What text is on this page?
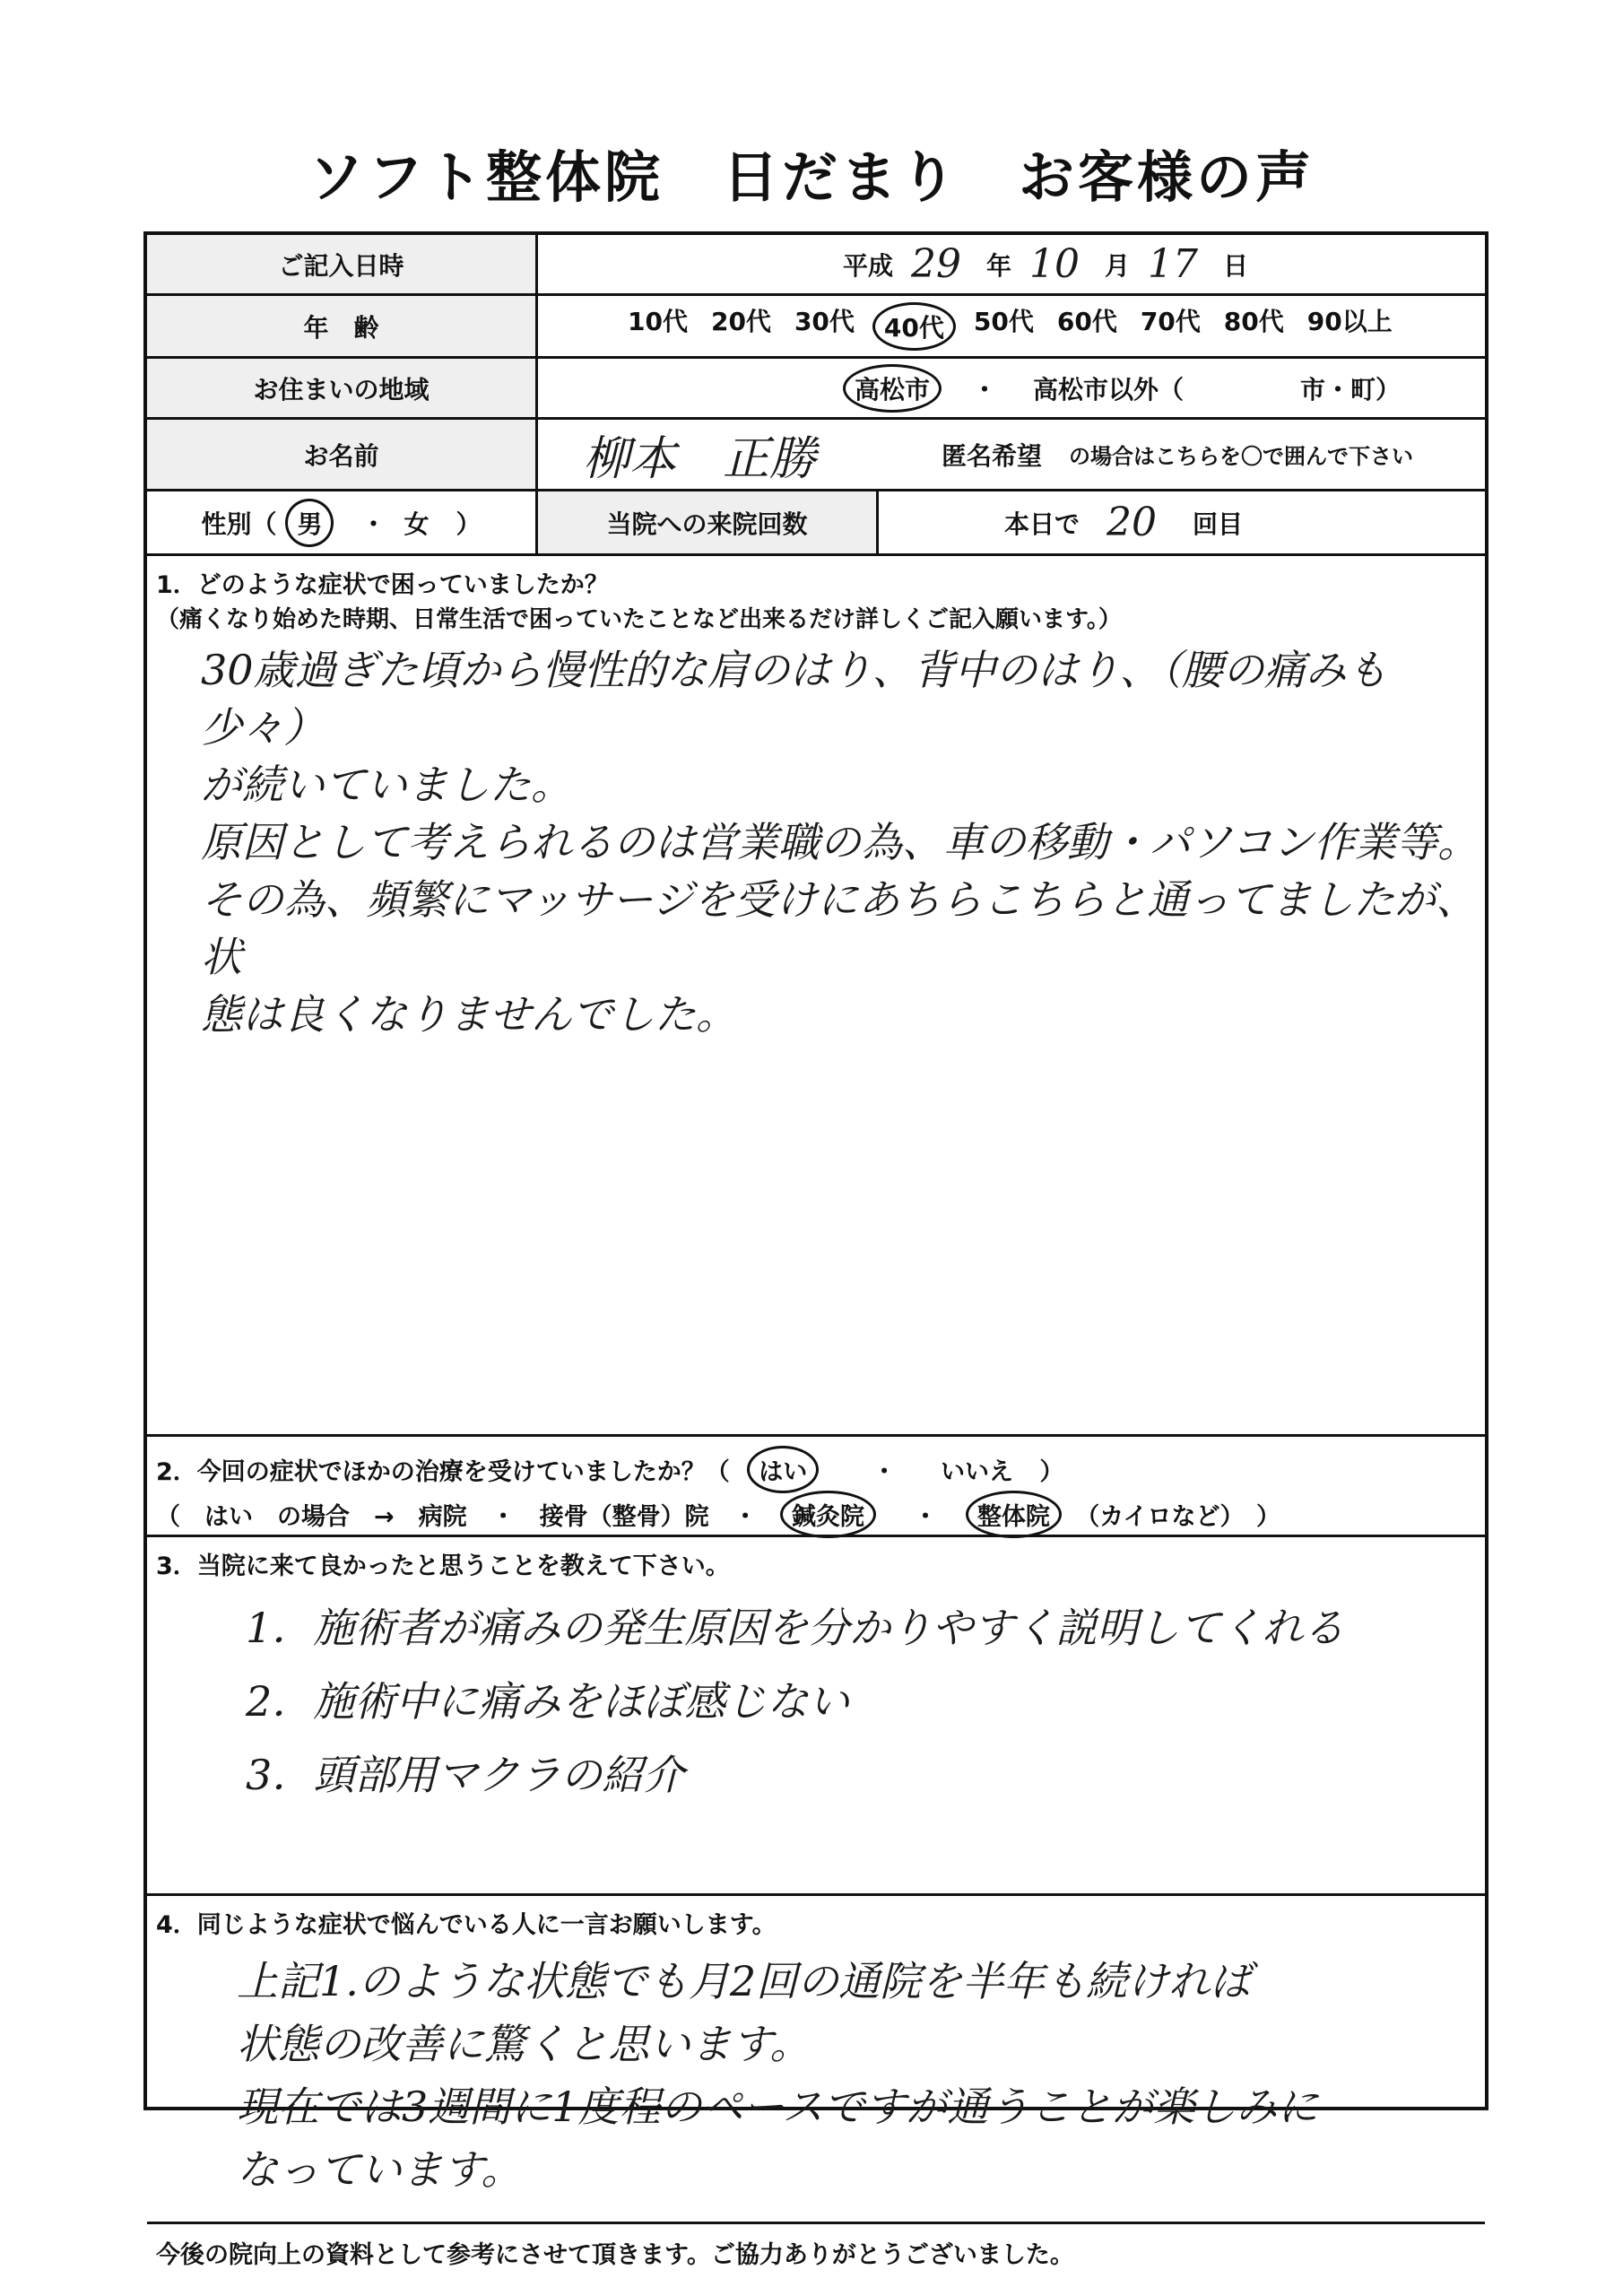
ソフト整体院　日だまり　お客様の声
ご記入日時	平成 29 年 10 月 17 日
年　齢	10代 20代 30代	40代	50代 60代 70代 80代 90以上
お住まいの地域	高松市	・ 高松市以外（	市・町）
お名前	柳本　正勝	匿名希望 の場合はこちらを〇で囲んで下さい
性別（ 男	・ 女 ）	当院への来院回数	本日で 20 回目
1．どのような症状で困っていましたか？
（痛くなり始めた時期、日常生活で困っていたことなど出来るだけ詳しくご記入願います。）
30歳過ぎた頃から慢性的な肩のはり、背中のはり、（腰の痛みも少々）
が続いていました。
原因として考えられるのは営業職の為、車の移動・パソコン作業等。
その為、頻繁にマッサージを受けにあちらこちらと通ってましたが、状
態は良くなりませんでした。
2．今回の症状でほかの治療を受けていましたか？（ はい	・ いいえ ）
（　はい　の場合　→　病院　・　接骨（整骨）院　・ 鍼灸院 ・ 整体院 （カイロなど）　）
3．当院に来て良かったと思うことを教えて下さい。
1．施術者が痛みの発生原因を分かりやすく説明してくれる
2．施術中に痛みをほぼ感じない
3．頭部用マクラの紹介
4．同じような症状で悩んでいる人に一言お願いします。
上記1.のような状態でも月2回の通院を半年も続ければ
状態の改善に驚くと思います。
現在では3週間に1度程のペースですが通うことが楽しみに
なっています。
今後の院向上の資料として参考にさせて頂きます。ご協力ありがとうございました。
